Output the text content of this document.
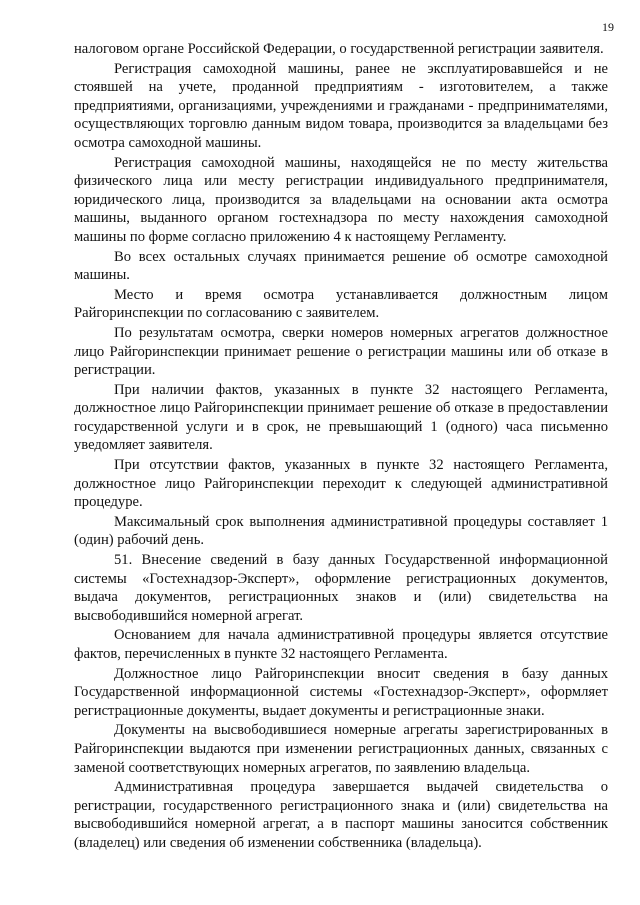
19

налоговом органе Российской Федерации, о государственной регистрации заявителя.

Регистрация самоходной машины, ранее не эксплуатировавшейся и не стоявшей на учете, проданной предприятиям - изготовителем, а также предприятиями, организациями, учреждениями и гражданами - предпринимателями, осуществляющих торговлю данным видом товара, производится за владельцами без осмотра самоходной машины.

Регистрация самоходной машины, находящейся не по месту жительства физического лица или месту регистрации индивидуального предпринимателя, юридического лица, производится за владельцами на основании акта осмотра машины, выданного органом гостехнадзора по месту нахождения самоходной машины по форме согласно приложению 4 к настоящему Регламенту.

Во всех остальных случаях принимается решение об осмотре самоходной машины.

Место и время осмотра устанавливается должностным лицом Райгоринспекции по согласованию с заявителем.

По результатам осмотра, сверки номеров номерных агрегатов должностное лицо Райгоринспекции принимает решение о регистрации машины или об отказе в регистрации.

При наличии фактов, указанных в пункте 32 настоящего Регламента, должностное лицо Райгоринспекции принимает решение об отказе в предоставлении государственной услуги и в срок, не превышающий 1 (одного) часа письменно уведомляет заявителя.

При отсутствии фактов, указанных в пункте 32 настоящего Регламента, должностное лицо Райгоринспекции переходит к следующей административной процедуре.

Максимальный срок выполнения административной процедуры составляет 1 (один) рабочий день.

51. Внесение сведений в базу данных Государственной информационной системы «Гостехнадзор-Эксперт», оформление регистрационных документов, выдача документов, регистрационных знаков и (или) свидетельства на высвободившийся номерной агрегат.

Основанием для начала административной процедуры является отсутствие фактов, перечисленных в пункте 32 настоящего Регламента.

Должностное лицо Райгоринспекции вносит сведения в базу данных Государственной информационной системы «Гостехнадзор-Эксперт», оформляет регистрационные документы, выдает документы и регистрационные знаки.

Документы на высвободившиеся номерные агрегаты зарегистрированных в Райгоринспекции выдаются при изменении регистрационных данных, связанных с заменой соответствующих номерных агрегатов, по заявлению владельца.

Административная процедура завершается выдачей свидетельства о регистрации, государственного регистрационного знака и (или) свидетельства на высвободившийся номерной агрегат, а в паспорт машины заносится собственник (владелец) или сведения об изменении собственника (владельца).
